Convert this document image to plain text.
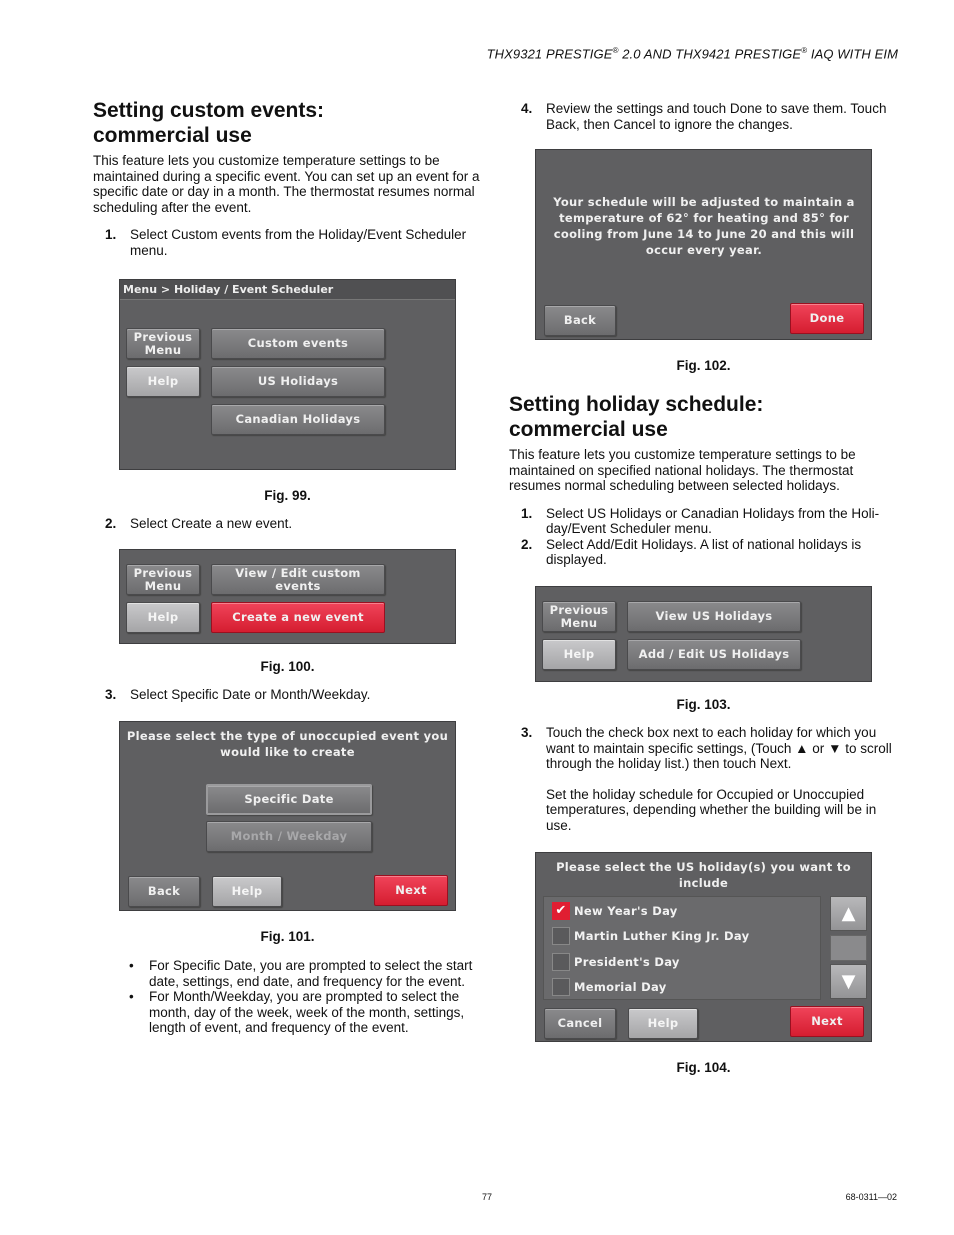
THX9321 PRESTIGE® 2.0 AND THX9421 PRESTIGE® IAQ WITH EIM
Setting custom events:
commercial use

This feature lets you customize temperature settings to be maintained during a specific event. You can set up an event for a specific date or day in a month. The thermostat resumes normal scheduling after the event.

1. Select Custom events from the Holiday/Event Scheduler menu.
Menu > Holiday / Event Scheduler
Previous Menu
Help
Custom events
US Holidays
Canadian Holidays
Fig. 99.
2. Select Create a new event.
Previous Menu
Help
View / Edit custom events
Create a new event
Fig. 100.
3. Select Specific Date or Month/Weekday.
Please select the type of unoccupied event you would like to create
Specific Date
Month / Weekday
Back	Help	Next
Fig. 101.
• For Specific Date, you are prompted to select the start date, settings, end date, and frequency for the event.
• For Month/Weekday, you are prompted to select the month, day of the week, week of the month, settings, length of event, and frequency of the event.
4. Review the settings and touch Done to save them. Touch Back, then Cancel to ignore the changes.
Your schedule will be adjusted to maintain a temperature of 62° for heating and 85° for cooling from June 14 to June 20 and this will occur every year.
Back	Done
Fig. 102.
Setting holiday schedule:
commercial use

This feature lets you customize temperature settings to be maintained on specified national holidays. The thermostat resumes normal scheduling between selected holidays.

1. Select US Holidays or Canadian Holidays from the Holi-day/Event Scheduler menu.
2. Select Add/Edit Holidays. A list of national holidays is displayed.
Previous Menu
Help
View US Holidays
Add / Edit US Holidays
Fig. 103.
3. Touch the check box next to each holiday for which you want to maintain specific settings, (Touch ▲ or ▼ to scroll through the holiday list.) then touch Next.
Set the holiday schedule for Occupied or Unoccupied temperatures, depending whether the building will be in use.
Please select the US holiday(s) you want to include
✔ New Year's Day
Martin Luther King Jr. Day
President's Day
Memorial Day
▲
▼
Cancel	Help	Next
Fig. 104.
77	68-0311—02
